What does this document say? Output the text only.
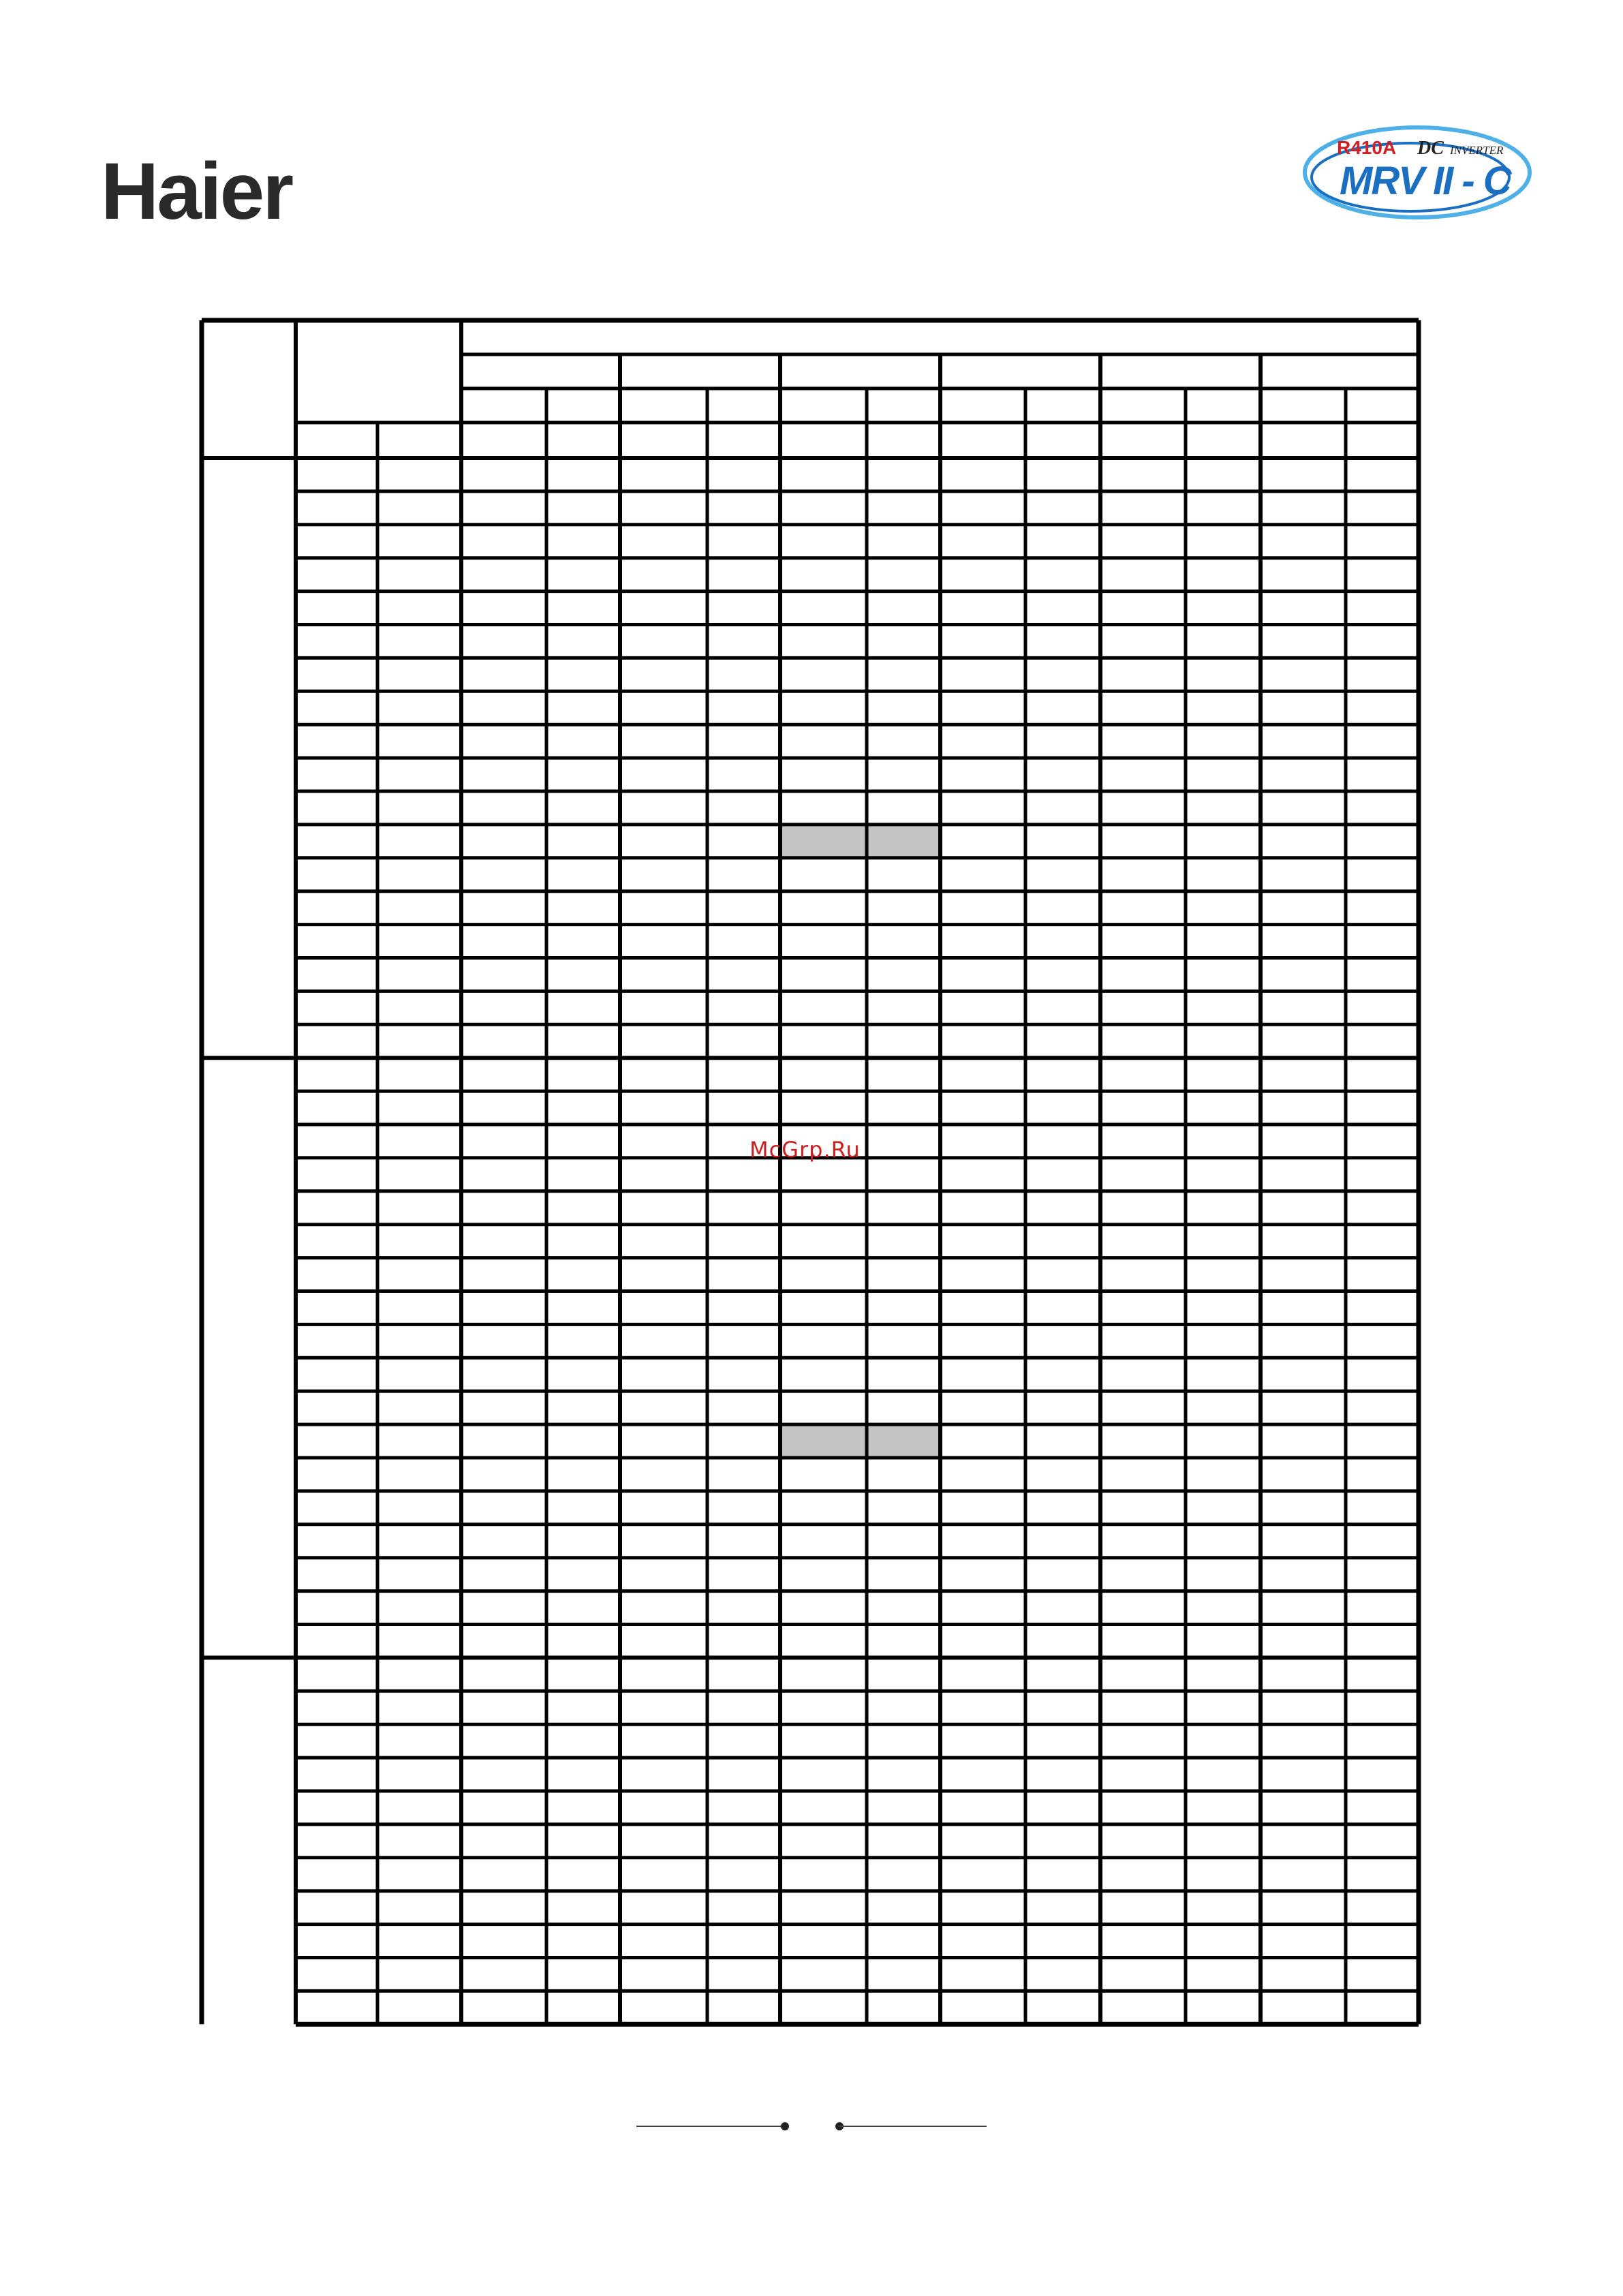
Haier	R410A DC INVERTER
MRV II - C
McGrp.Ru
